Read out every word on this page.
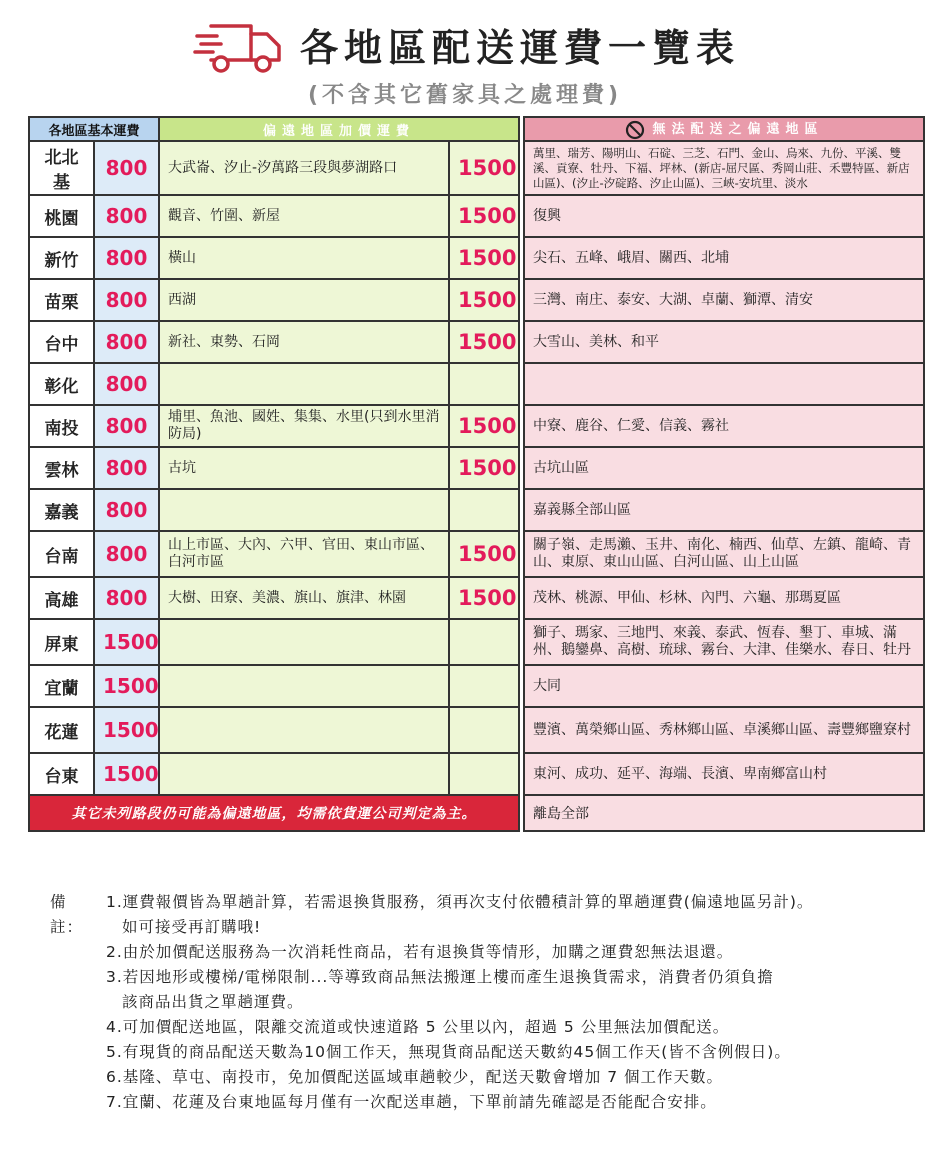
各地區配送運費一覽表
(不含其它舊家具之處理費)
各地區基本運費		偏遠地區加價運費			無法配送之偏遠地區
北北基	800	大武崙、汐止-汐萬路三段與夢湖路口	1500		萬里、瑞芳、陽明山、石碇、三芝、石門、金山、烏來、九份、平溪、雙溪、貢寮、牡丹、下福、坪林、(新店-屈尺區、秀岡山莊、禾豐特區、新店山區)、(汐止-汐碇路、汐止山區)、三峽-安坑里、淡水
桃園	800	觀音、竹圍、新屋	1500		復興
新竹	800	橫山	1500		尖石、五峰、峨眉、關西、北埔
苗栗	800	西湖	1500		三灣、南庄、泰安、大湖、卓蘭、獅潭、清安
台中	800	新社、東勢、石岡	1500		大雪山、美林、和平
彰化	800				
南投	800	埔里、魚池、國姓、集集、水里(只到水里消防局)	1500		中寮、鹿谷、仁愛、信義、霧社
雲林	800	古坑	1500		古坑山區
嘉義	800				嘉義縣全部山區
台南	800	山上市區、大內、六甲、官田、東山市區、白河市區	1500		關子嶺、走馬瀨、玉井、南化、楠西、仙草、左鎮、龍崎、青山、東原、東山山區、白河山區、山上山區
高雄	800	大樹、田寮、美濃、旗山、旗津、林園	1500		茂林、桃源、甲仙、杉林、內門、六龜、那瑪夏區
屏東	1500				獅子、瑪家、三地門、來義、泰武、恆春、墾丁、車城、滿州、鵝鑾鼻、高樹、琉球、霧台、大津、佳樂水、春日、牡丹
宜蘭	1500				大同
花蓮	1500				豐濱、萬榮鄉山區、秀林鄉山區、卓溪鄉山區、壽豐鄉鹽寮村
台東	1500				東河、成功、延平、海端、長濱、卑南鄉富山村
其它未列路段仍可能為偏遠地區，均需依貨運公司判定為主。					離島全部
備註：
1.運費報價皆為單趟計算，若需退換貨服務，須再次支付依體積計算的單趟運費(偏遠地區另計)。
如可接受再訂購哦!
2.由於加價配送服務為一次消耗性商品，若有退換貨等情形，加購之運費恕無法退還。
3.若因地形或樓梯/電梯限制...等導致商品無法搬運上樓而產生退換貨需求，消費者仍須負擔
該商品出貨之單趟運費。
4.可加價配送地區，限離交流道或快速道路 5 公里以內，超過 5 公里無法加價配送。
5.有現貨的商品配送天數為10個工作天，無現貨商品配送天數約45個工作天(皆不含例假日)。
6.基隆、草屯、南投市，免加價配送區域車趟較少，配送天數會增加 7 個工作天數。
7.宜蘭、花蓮及台東地區每月僅有一次配送車趟，下單前請先確認是否能配合安排。
